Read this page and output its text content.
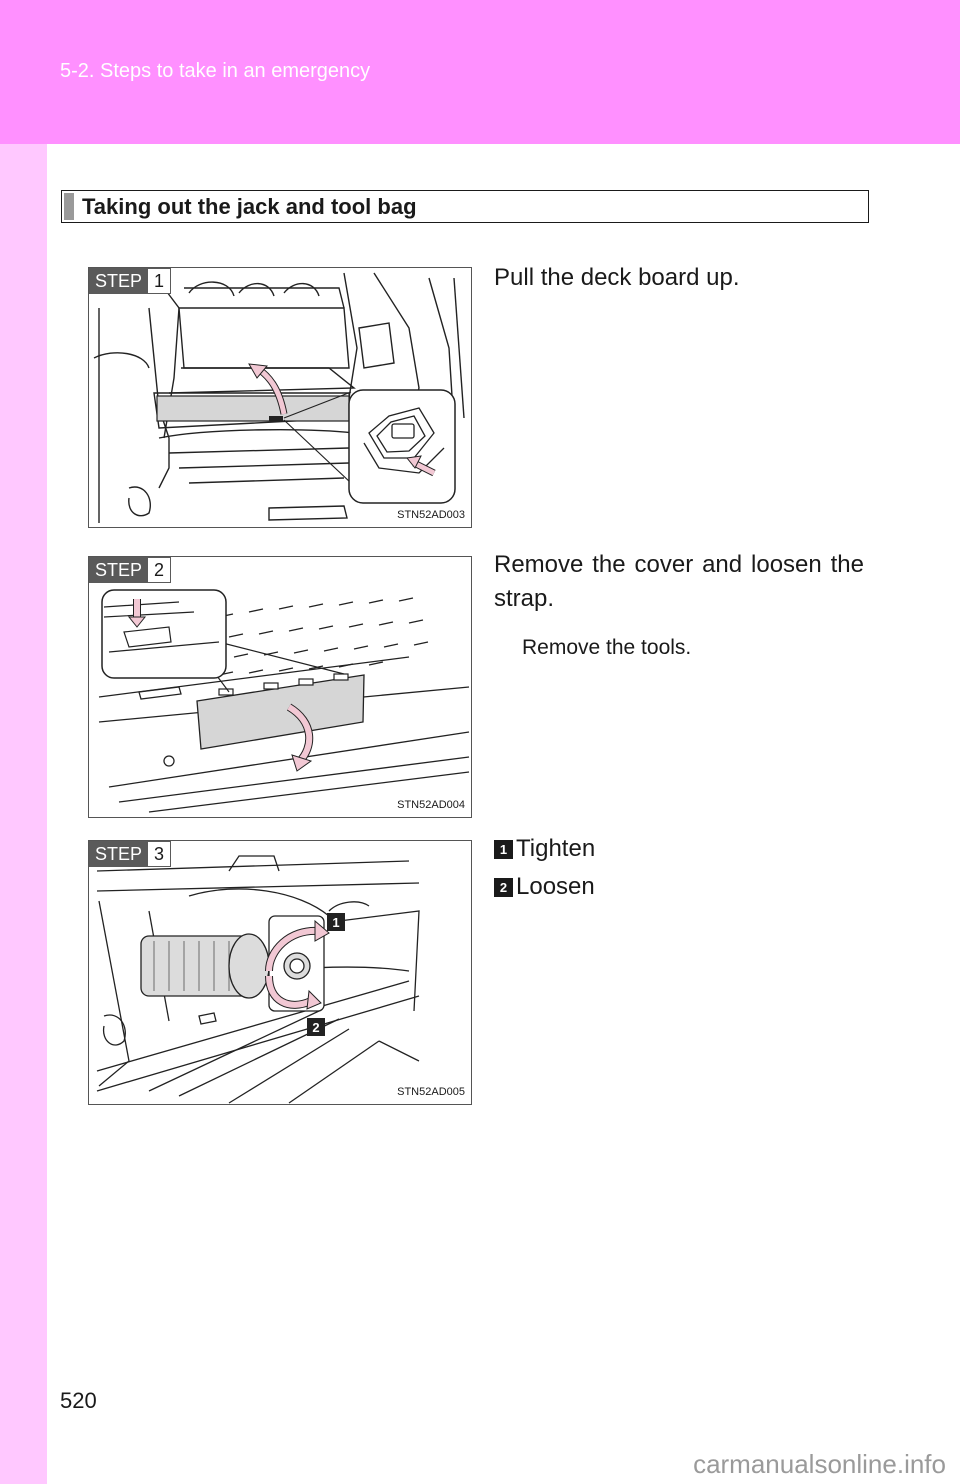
5-2. Steps to take in an emergency
Taking out the jack and tool bag
STEP 1
STN52AD003
Pull the deck board up.
STEP 2
STN52AD004
Remove the cover and loosen the strap.
Remove the tools.
STEP 3
1
2
STN52AD005
1 Tighten
2 Loosen
520
carmanualsonline.info
